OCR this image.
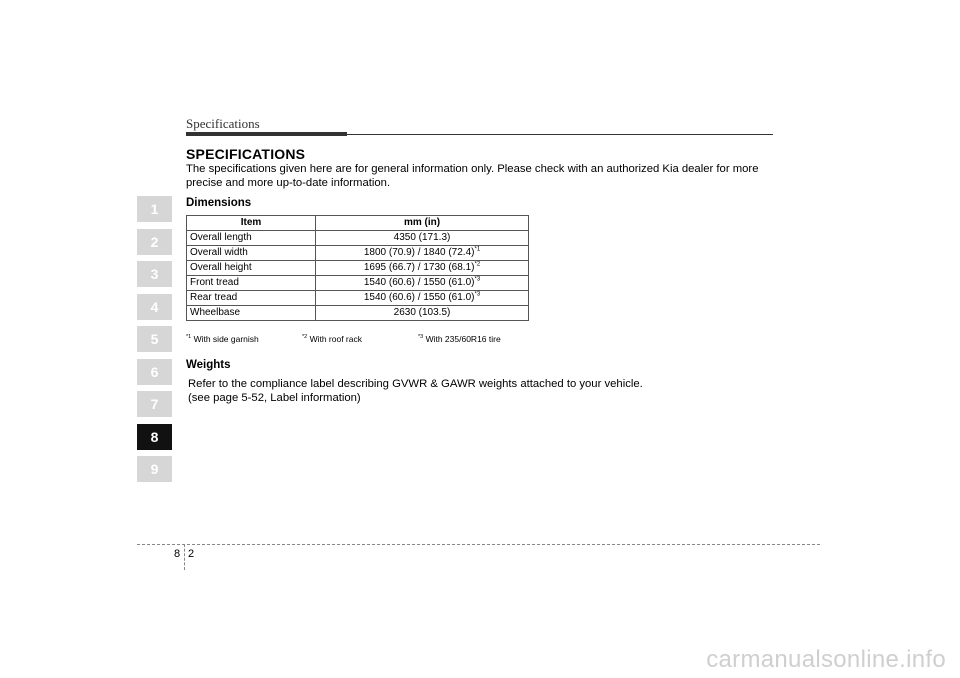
Specifications
SPECIFICATIONS
The specifications given here are for general information only. Please check with an authorized Kia dealer for more precise and more up-to-date information.
Dimensions
Item	mm (in)
Overall length	4350 (171.3)
Overall width	1800 (70.9) / 1840 $(72.4)^{*1}$
Overall height	1695 (66.7) / 1730 $(68.1)^{*2}$
Front tread	1540 (60.6) / 1550 $(61.0)^{*3}$
Rear tread	1540 (60.6) / 1550 $(61.0)^{*3}$
Wheelbase	2630 (103.5)
$^{*1}$ With side garnish	$^{*2}$ With roof rack	$^{*3}$ With 235/60R16 tire
Weights
Refer to the compliance label describing GVWR & GAWR weights attached to your vehicle.
(see page 5-52, Label information)
1
2
3
4
5
6
7
8
9
8 2
carmanualsonline.info
